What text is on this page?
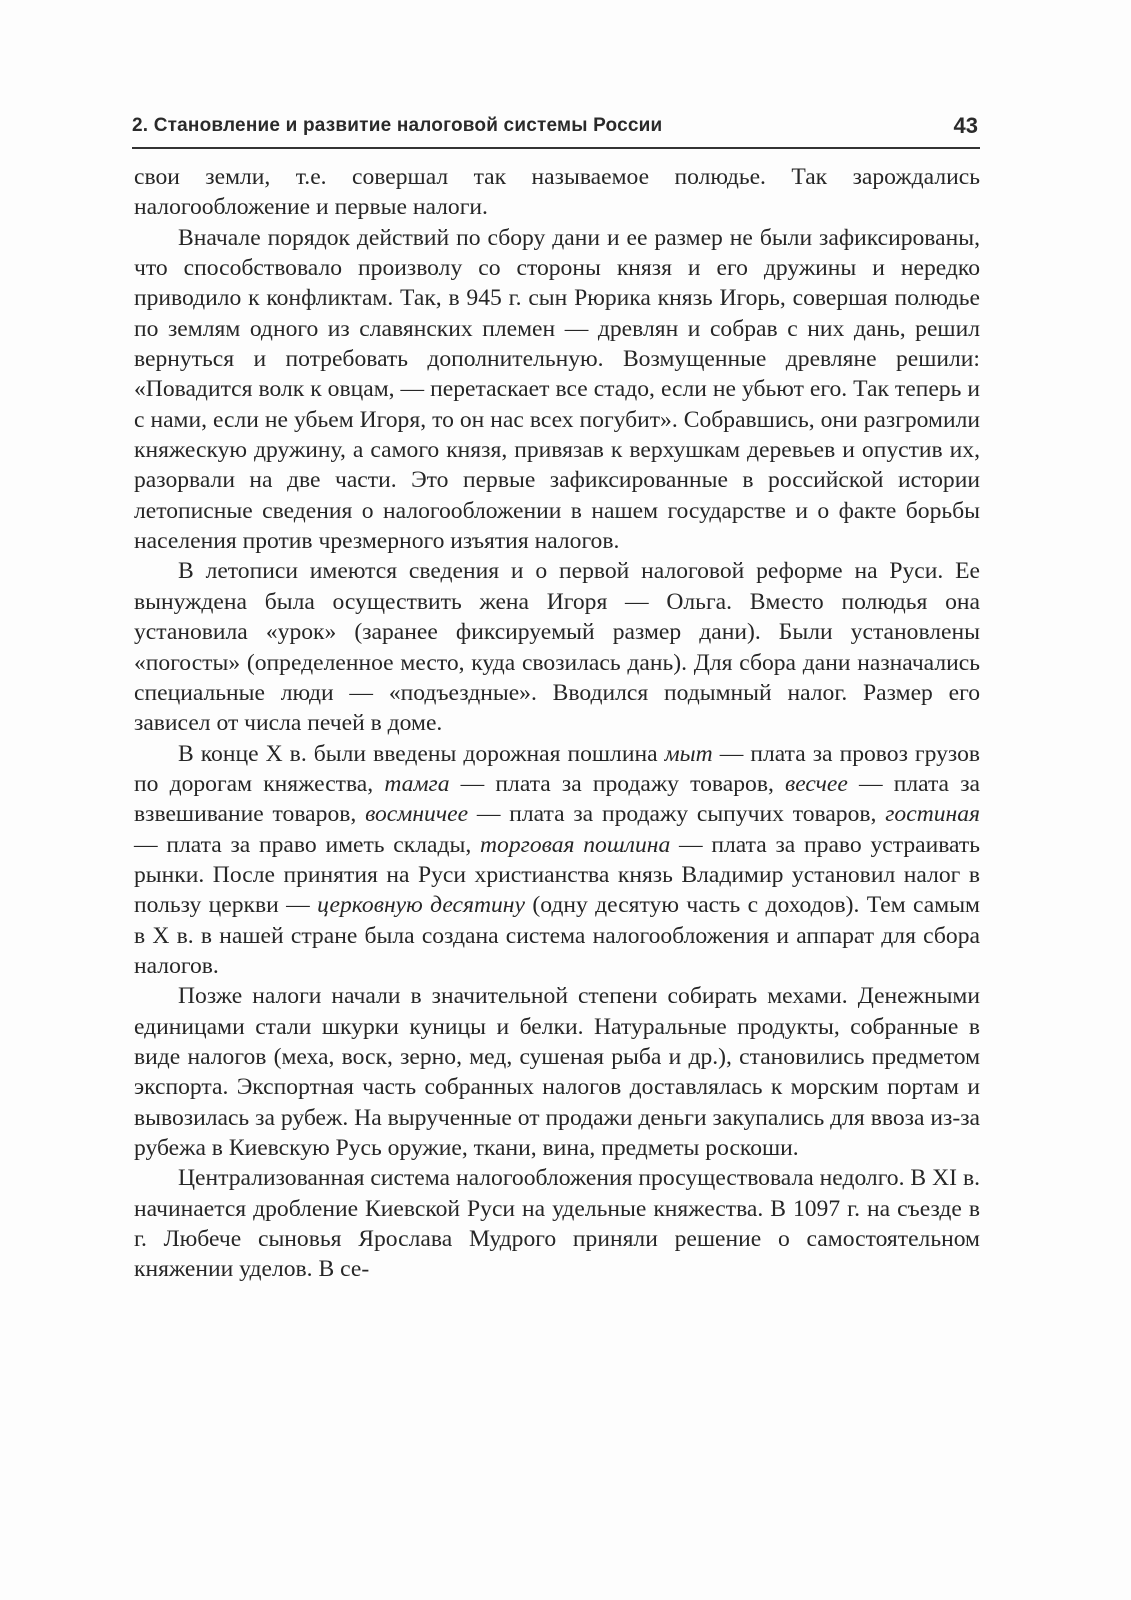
2. Становление и развитие налоговой системы России	43

свои земли, т.е. совершал так называемое полюдье. Так зарождались налогообложение и первые налоги.

Вначале порядок действий по сбору дани и ее размер не были зафиксированы, что способствовало произволу со стороны князя и его дружины и нередко приводило к конфликтам. Так, в 945 г. сын Рюрика князь Игорь, совершая полюдье по землям одного из славянских племен — древлян и собрав с них дань, решил вернуться и потребовать дополнительную. Возмущенные древляне решили: «Повадится волк к овцам, — перетаскает все стадо, если не убьют его. Так теперь и с нами, если не убьем Игоря, то он нас всех погубит». Собравшись, они разгромили княжескую дружину, а самого князя, привязав к верхушкам деревьев и опустив их, разорвали на две части. Это первые зафиксированные в российской истории летописные сведения о налогообложении в нашем государстве и о факте борьбы населения против чрезмерного изъятия налогов.

В летописи имеются сведения и о первой налоговой реформе на Руси. Ее вынуждена была осуществить жена Игоря — Ольга. Вместо полюдья она установила «урок» (заранее фиксируемый размер дани). Были установлены «погосты» (определенное место, куда свозилась дань). Для сбора дани назначались специальные люди — «подъездные». Вводился подымный налог. Размер его зависел от числа печей в доме.

В конце X в. были введены дорожная пошлина мыт — плата за провоз грузов по дорогам княжества, тамга — плата за продажу товаров, весчее — плата за взвешивание товаров, восмничее — плата за продажу сыпучих товаров, гостиная — плата за право иметь склады, торговая пошлина — плата за право устраивать рынки. После принятия на Руси христианства князь Владимир установил налог в пользу церкви — церковную десятину (одну десятую часть с доходов). Тем самым в X в. в нашей стране была создана система налогообложения и аппарат для сбора налогов.

Позже налоги начали в значительной степени собирать мехами. Денежными единицами стали шкурки куницы и белки. Натуральные продукты, собранные в виде налогов (меха, воск, зерно, мед, сушеная рыба и др.), становились предметом экспорта. Экспортная часть собранных налогов доставлялась к морским портам и вывозилась за рубеж. На вырученные от продажи деньги закупались для ввоза из-за рубежа в Киевскую Русь оружие, ткани, вина, предметы роскоши.

Централизованная система налогообложения просуществовала недолго. В XI в. начинается дробление Киевской Руси на удельные княжества. В 1097 г. на съезде в г. Любече сыновья Ярослава Мудрого приняли решение о самостоятельном княжении уделов. В се-
